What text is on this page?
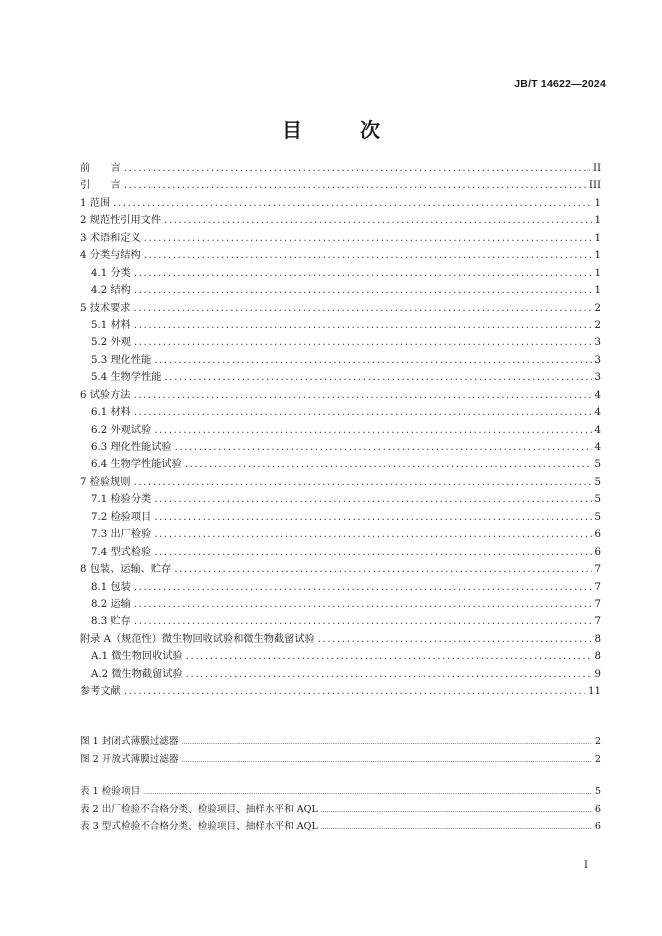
JB/T 14622—2024
目	次
前　　言 .....	II
引　　言 .....	III
1 范围 .....	1
2 规范性引用文件 .....	1
3 术语和定义 .....	1
4 分类与结构 .....	1
4.1 分类 .....	1
4.2 结构 .....	1
5 技术要求 .....	2
5.1 材料 .....	2
5.2 外观 .....	3
5.3 理化性能 .....	3
5.4 生物学性能 .....	3
6 试验方法 .....	4
6.1 材料 .....	4
6.2 外观试验 .....	4
6.3 理化性能试验 .....	4
6.4 生物学性能试验 .....	5
7 检验规则 .....	5
7.1 检验分类 .....	5
7.2 检验项目 .....	5
7.3 出厂检验 .....	6
7.4 型式检验 .....	6
8 包装、运输、贮存 .....	7
8.1 包装 .....	7
8.2 运输 .....	7
8.3 贮存 .....	7
附录 A（规范性）微生物回收试验和微生物截留试验 .....	8
A.1 微生物回收试验 .....	8
A.2 微生物截留试验 .....	9
参考文献 .....	11
图 1 封闭式薄膜过滤器 .....	2
图 2 开放式薄膜过滤器 .....	2
表 1 检验项目 .....	5
表 2 出厂检验不合格分类、检验项目、抽样水平和 AQL .....	6
表 3 型式检验不合格分类、检验项目、抽样水平和 AQL .....	6
I
